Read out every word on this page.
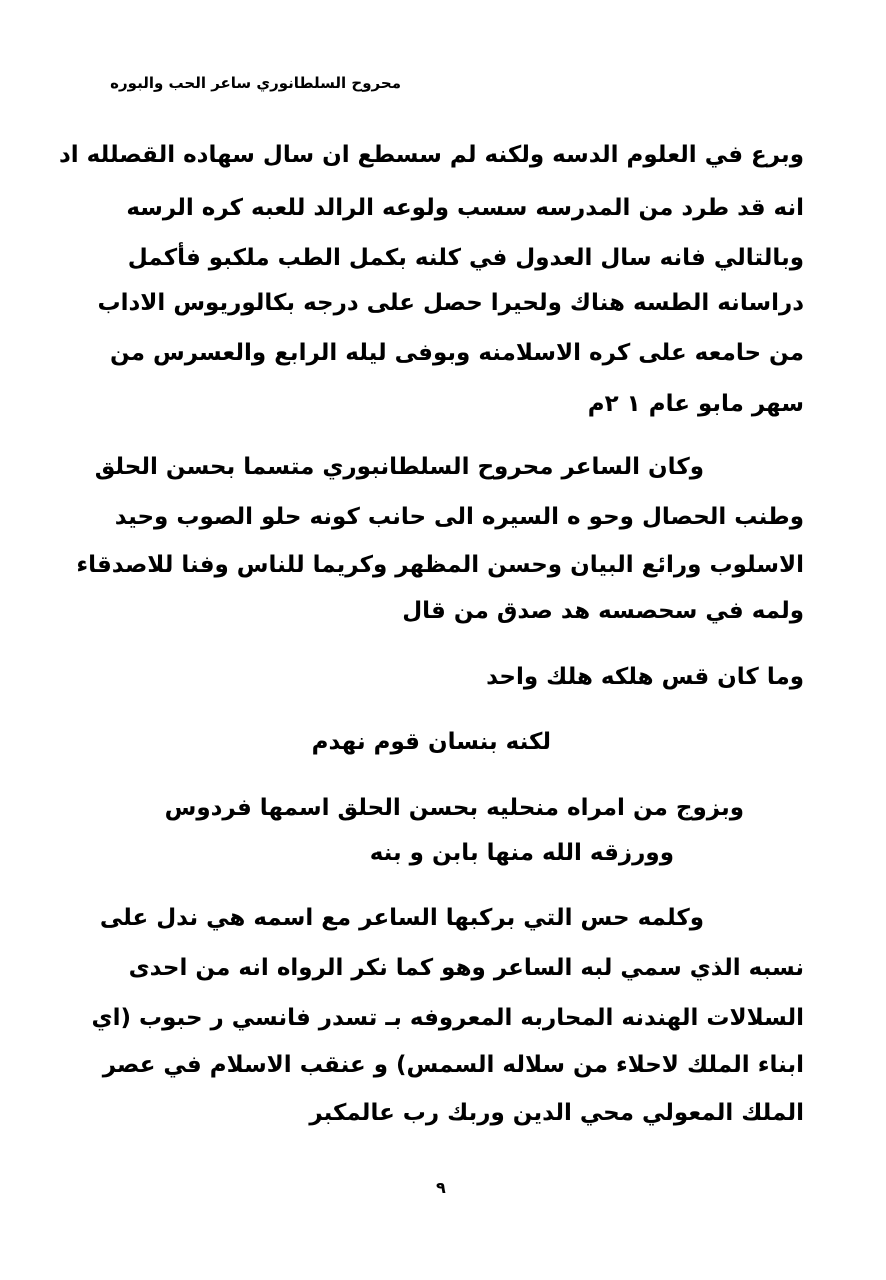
محروح السلطانوري ساعر الحب والبوره
وبرع في العلوم الدسه ولكنه لم سسطع ان سال سهاده القصلله اد
انه قد طرد من المدرسه سسب ولوعه الرالد للعبه كره الرسه
وبالتالي فانه سال العدول في كلنه بكمل الطب ملكبو فأكمل
دراسانه الطسه هناك ولحيرا حصل على درجه بكالوريوس الاداب
من حامعه على كره الاسلامنه وبوفى ليله الرابع والعسرس من
سهر مابو عام ١ ٢م
وكان الساعر محروح السلطانبوري متسما بحسن الحلق
وطنب الحصال وحو ه السيره الى حانب كونه حلو الصوب وحيد
الاسلوب ورائع البيان وحسن المظهر وكريما للناس وفنا للاصدقاء
ولمه في سحصسه هد صدق من قال
وما كان قس هلكه هلك واحد
لكنه بنسان قوم نهدم
وبزوج من امراه منحليه بحسن الحلق اسمها فردوس
وورزقه الله منها بابن و بنه
وكلمه حس التي بركبها الساعر مع اسمه هي ندل على
نسبه الذي سمي لبه الساعر وهو كما نكر الرواه انه من احدى
السلالات الهندنه المحاربه المعروفه بـ تسدر فانسي ر حبوب (اي
ابناء الملك لاحلاء من سلاله السمس) و عنقب الاسلام في عصر
الملك المعولي محي الدين وربك رب عالمكبر
٩
